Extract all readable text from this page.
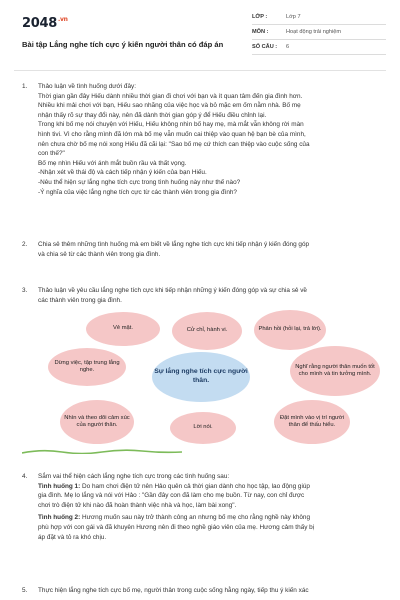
$2048^{.vn}$
Bài tập Lắng nghe tích cực ý kiến người thân có đáp án
LỚP :	Lớp 7
MÔN :	Hoạt động trải nghiệm
SỐ CÂU :	6
1. Thảo luận về tình huống dưới đây:

Thời gian gần đây Hiếu dành nhiều thời gian đi chơi với bạn và ít quan tâm đến gia đình hơn.

Nhiều khi mải chơi với bạn, Hiếu sao nhãng của việc học và bỏ mặc em ốm nằm nhà. Bố mẹ

nhận thấy rõ sự thay đổi này, nên đã dành thời gian góp ý để Hiếu điều chỉnh lại.

Trong khi bố mẹ nói chuyện với Hiếu, Hiếu không nhìn bố hay mẹ, mà mắt vẫn không rời màn

hình tivi. Vì cho rằng mình đã lớn mà bố mẹ vẫn muốn cai thiệp vào quan hệ bạn bè của mình,

nên chưa chờ bố mẹ nói xong Hiếu đã cãi lại: "Sao bố mẹ cứ thích can thiệp vào cuộc sống của

con thế?"

Bố mẹ nhìn Hiếu với ánh mắt buồn rầu và thất vọng.

-Nhận xét về thái độ và cách tiếp nhận ý kiến của bạn Hiếu.

-Nêu thể hiện sự lắng nghe tích cực trong tình huống này như thế nào?

-Ý nghĩa của việc lắng nghe tích cực từ các thành viên trong gia đình?

2. Chia sẻ thêm những tình huống mà em biết về lắng nghe tích cực khi tiếp nhận ý kiến đóng góp

và chia sẻ từ các thành viên trong gia đình.

3. Thảo luận về yêu cầu lắng nghe tích cực khi tiếp nhận những ý kiến đóng góp và sự chia sẻ về

các thành viên trong gia đình.

Vẻ mặt.	Cử chỉ, hành vi.	Phản hồi (hỏi lại, trả lời).
Dừng việc, tập trung lắng nghe.	Sự lắng nghe tích cực người thân.
Nghĩ rằng người thân muốn tốt cho mình và tin tưởng mình.
Nhìn và theo dõi cảm xúc của người thân.	Lời nói.
Đặt mình vào vị trí người thân để thấu hiểu.
4. Sắm vai thể hiện cách lắng nghe tích cực trong các tình huống sau:

Tình huống 1: Do ham chơi điện tử nên Hảo quên cả thời gian dành cho học tập, lao động giúp

gia đình. Mẹ lo lắng và nói với Hảo : "Gần đây con đã làm cho mẹ buồn. Từ nay, con chỉ được

chơi trò điện tử khi nào đã hoàn thành việc nhà và học, làm bài xong".

Tình huống 2: Hương muốn sau này trở thành công an nhưng bố mẹ cho rằng nghề này không

phù hợp với con gái và đã khuyên Hương nên đi theo nghề giáo viên của mẹ. Hương cảm thấy bị

áp đặt và tỏ ra khó chịu.

5. Thực hiện lắng nghe tích cực bố mẹ, người thân trong cuộc sống hằng ngày, tiếp thu ý kiến xác
